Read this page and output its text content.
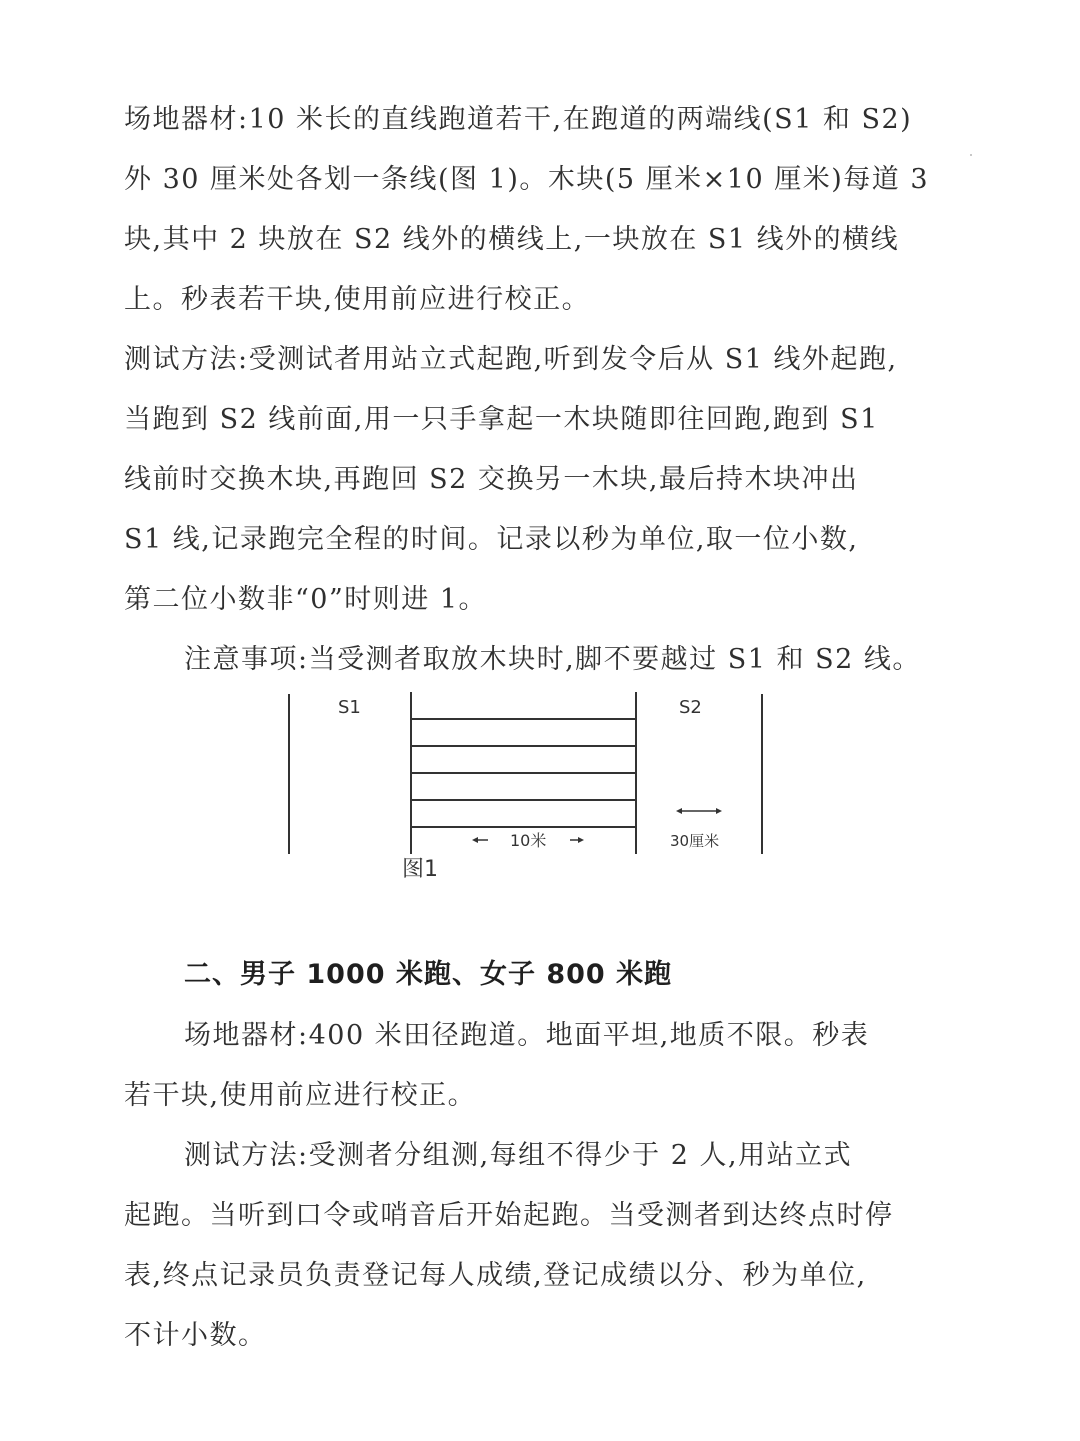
场地器材:10 米长的直线跑道若干,在跑道的两端线(S1 和 S2)
外 30 厘米处各划一条线(图 1)。木块(5 厘米×10 厘米)每道 3
块,其中 2 块放在 S2 线外的横线上,一块放在 S1 线外的横线
上。秒表若干块,使用前应进行校正。
测试方法:受测试者用站立式起跑,听到发令后从 S1 线外起跑,
当跑到 S2 线前面,用一只手拿起一木块随即往回跑,跑到 S1
线前时交换木块,再跑回 S2 交换另一木块,最后持木块冲出
S1 线,记录跑完全程的时间。记录以秒为单位,取一位小数,
第二位小数非“0”时则进 1。
注意事项:当受测者取放木块时,脚不要越过 S1 和 S2 线。
S1	S2
10米	30厘米
图1
二、男子 1000 米跑、女子 800 米跑
场地器材:400 米田径跑道。地面平坦,地质不限。秒表
若干块,使用前应进行校正。
测试方法:受测者分组测,每组不得少于 2 人,用站立式
起跑。当听到口令或哨音后开始起跑。当受测者到达终点时停
表,终点记录员负责登记每人成绩,登记成绩以分、秒为单位,
不计小数。
